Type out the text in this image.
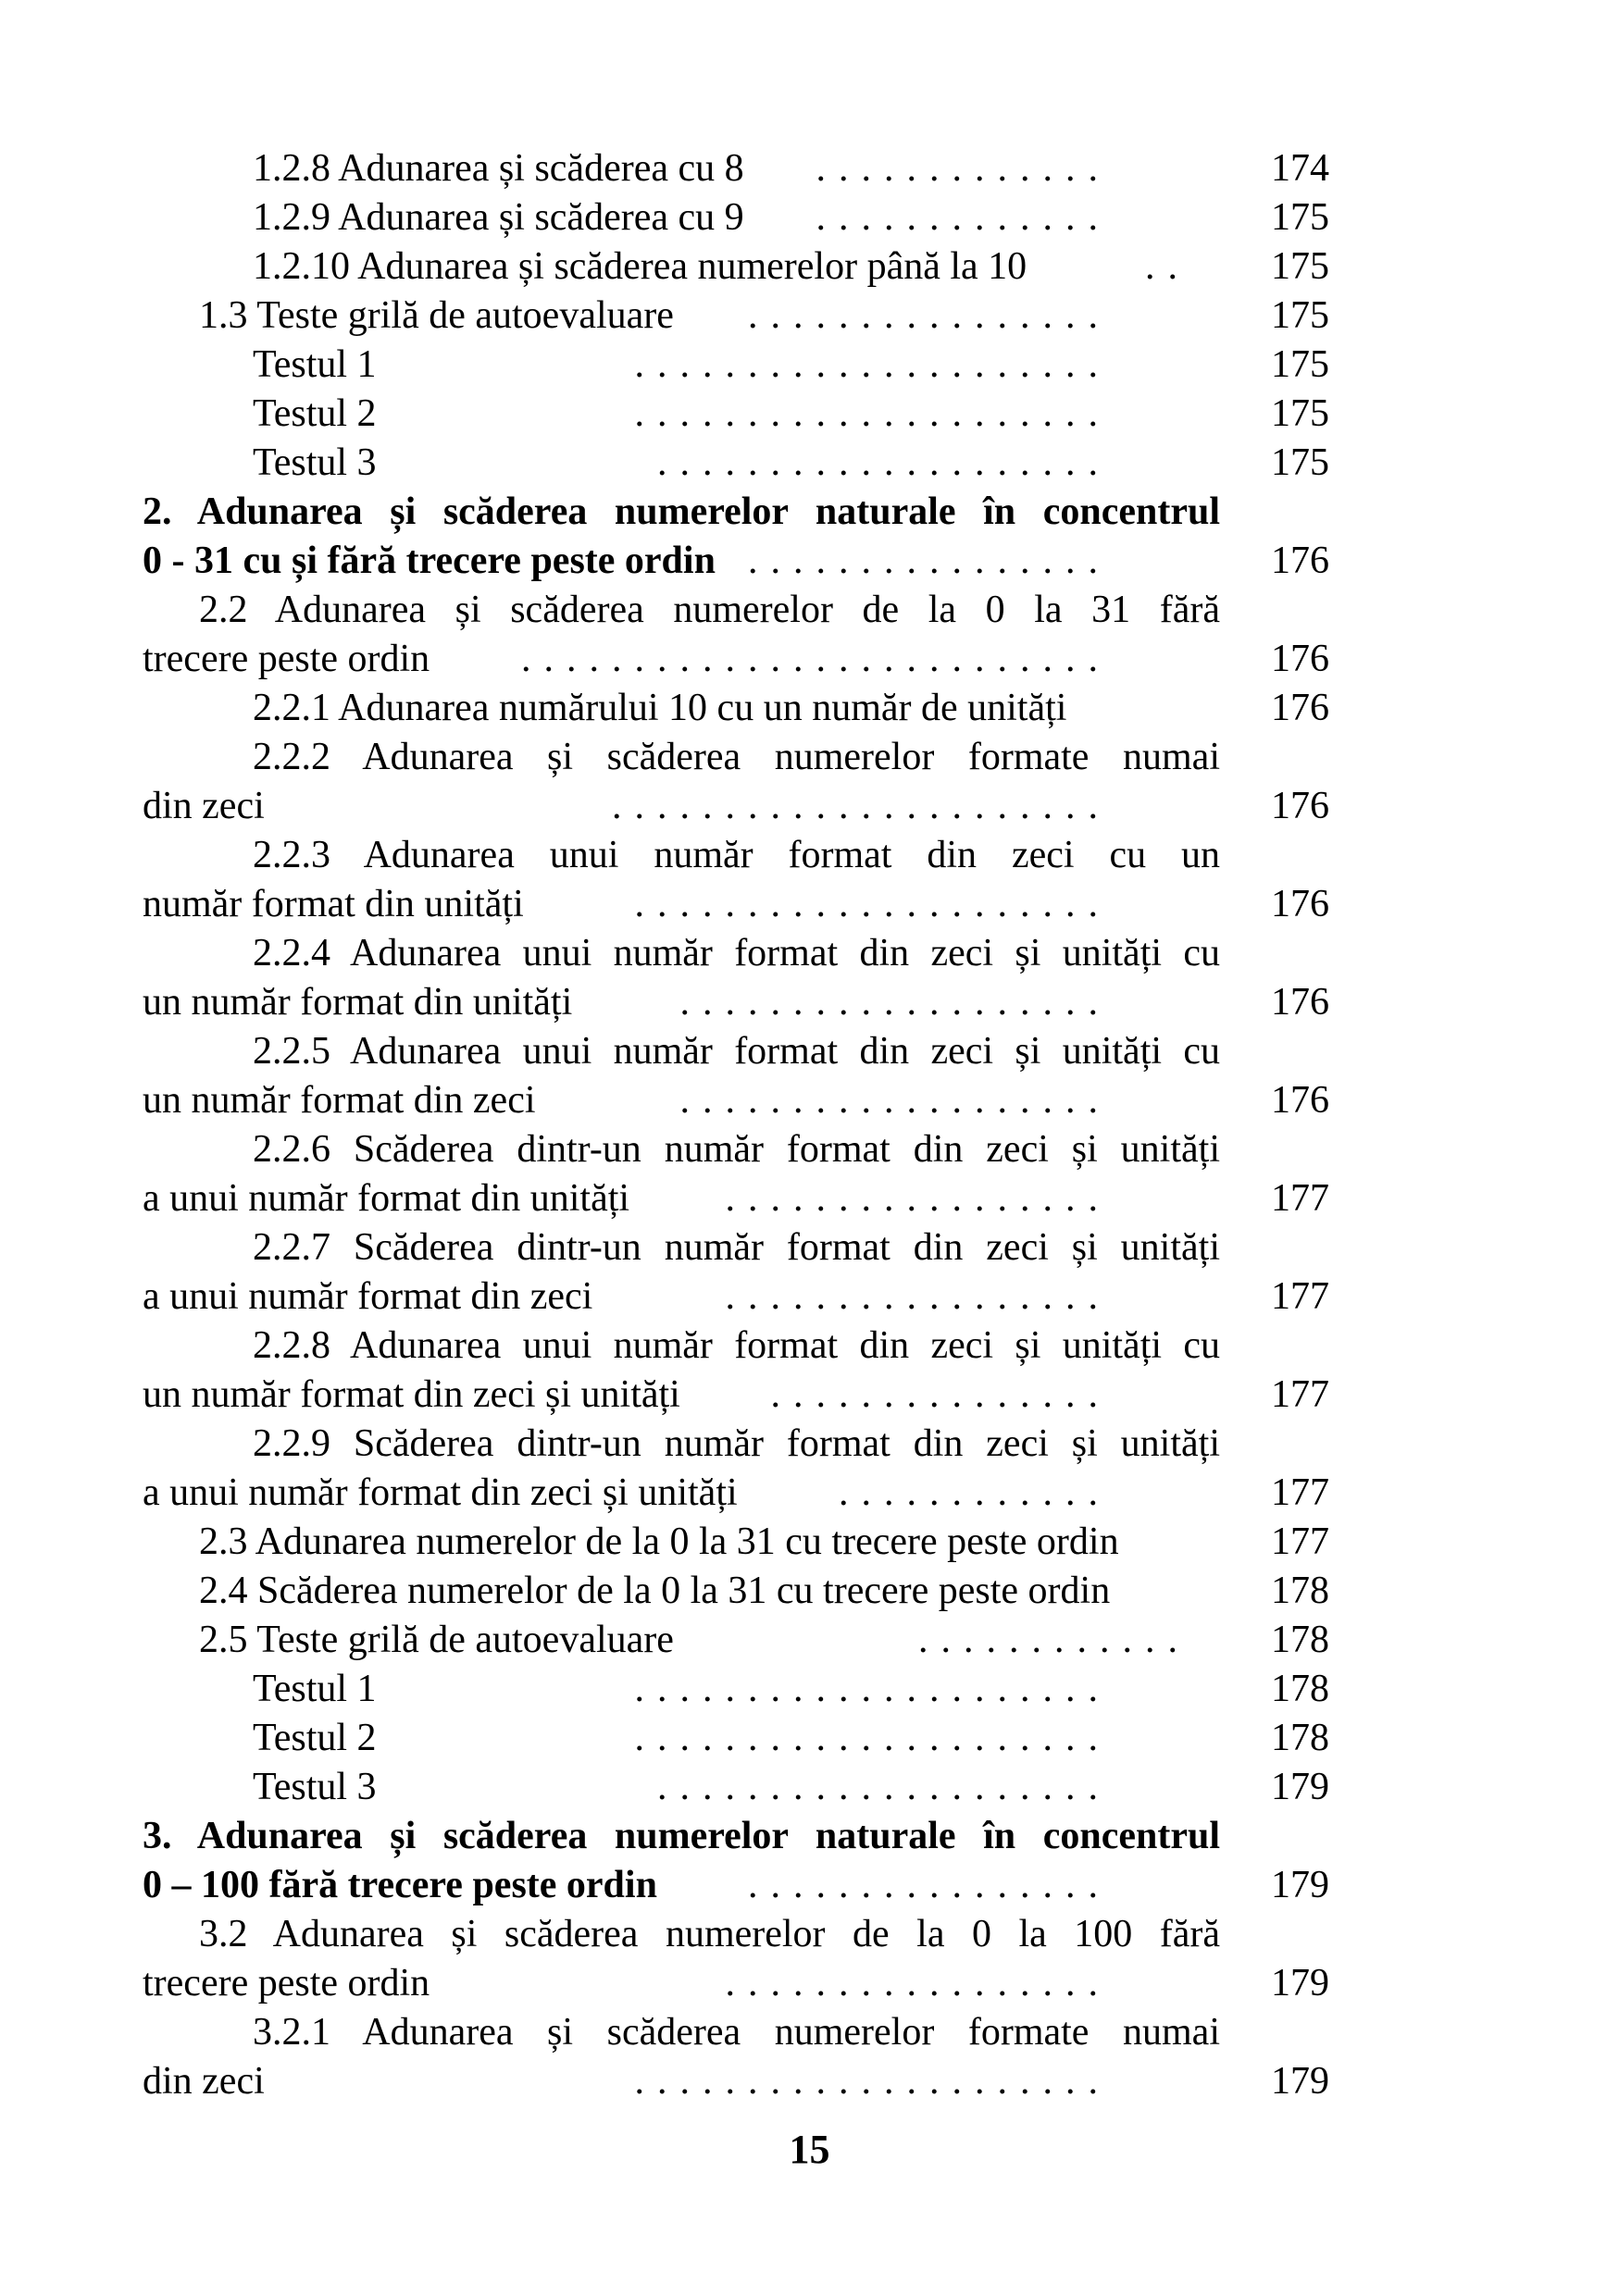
1.2.8 Adunarea și scăderea cu 8	.............	174
1.2.9 Adunarea și scăderea cu 9	.............	175
1.2.10 Adunarea și scăderea numerelor până la 10	.. 175
1.3 Teste grilă de autoevaluare	................	175
Testul 1	.....................	175
Testul 2	.....................	175
Testul 3	....................	175
2. Adunarea și scăderea numerelor naturale în concentrul
0 - 31 cu și fără trecere peste ordin ................	176
2.2 Adunarea și scăderea numerelor de la 0 la 31 fără
trecere peste ordin	..........................	176
2.2.1 Adunarea numărului 10 cu un număr de unități	176
2.2.2 Adunarea și scăderea numerelor formate numai
din zeci	......................	176
2.2.3 Adunarea unui număr format din zeci cu un
număr format din unități	.....................	176
2.2.4 Adunarea unui număr format din zeci și unități cu
un număr format din unități	...................	176
2.2.5 Adunarea unui număr format din zeci și unități cu
un număr format din zeci	...................	176
2.2.6 Scăderea dintr-un număr format din zeci și unități
a unui număr format din unități	.................	177
2.2.7 Scăderea dintr-un număr format din zeci și unități
a unui număr format din zeci	.................	177
2.2.8 Adunarea unui număr format din zeci și unități cu
un număr format din zeci și unități	...............	177
2.2.9 Scăderea dintr-un număr format din zeci și unități
a unui număr format din zeci și unități	............	177
2.3 Adunarea numerelor de la 0 la 31 cu trecere peste ordin	177
2.4 Scăderea numerelor de la 0 la 31 cu trecere peste ordin	178
2.5 Teste grilă de autoevaluare	............ 178
Testul 1	.....................	178
Testul 2	.....................	178
Testul 3	....................	179
3. Adunarea și scăderea numerelor naturale în concentrul
0 – 100 fără trecere peste ordin	................	179
3.2 Adunarea și scăderea numerelor de la 0 la 100 fără
trecere peste ordin	.................	179
3.2.1 Adunarea și scăderea numerelor formate numai
din zeci	.....................	179
15
